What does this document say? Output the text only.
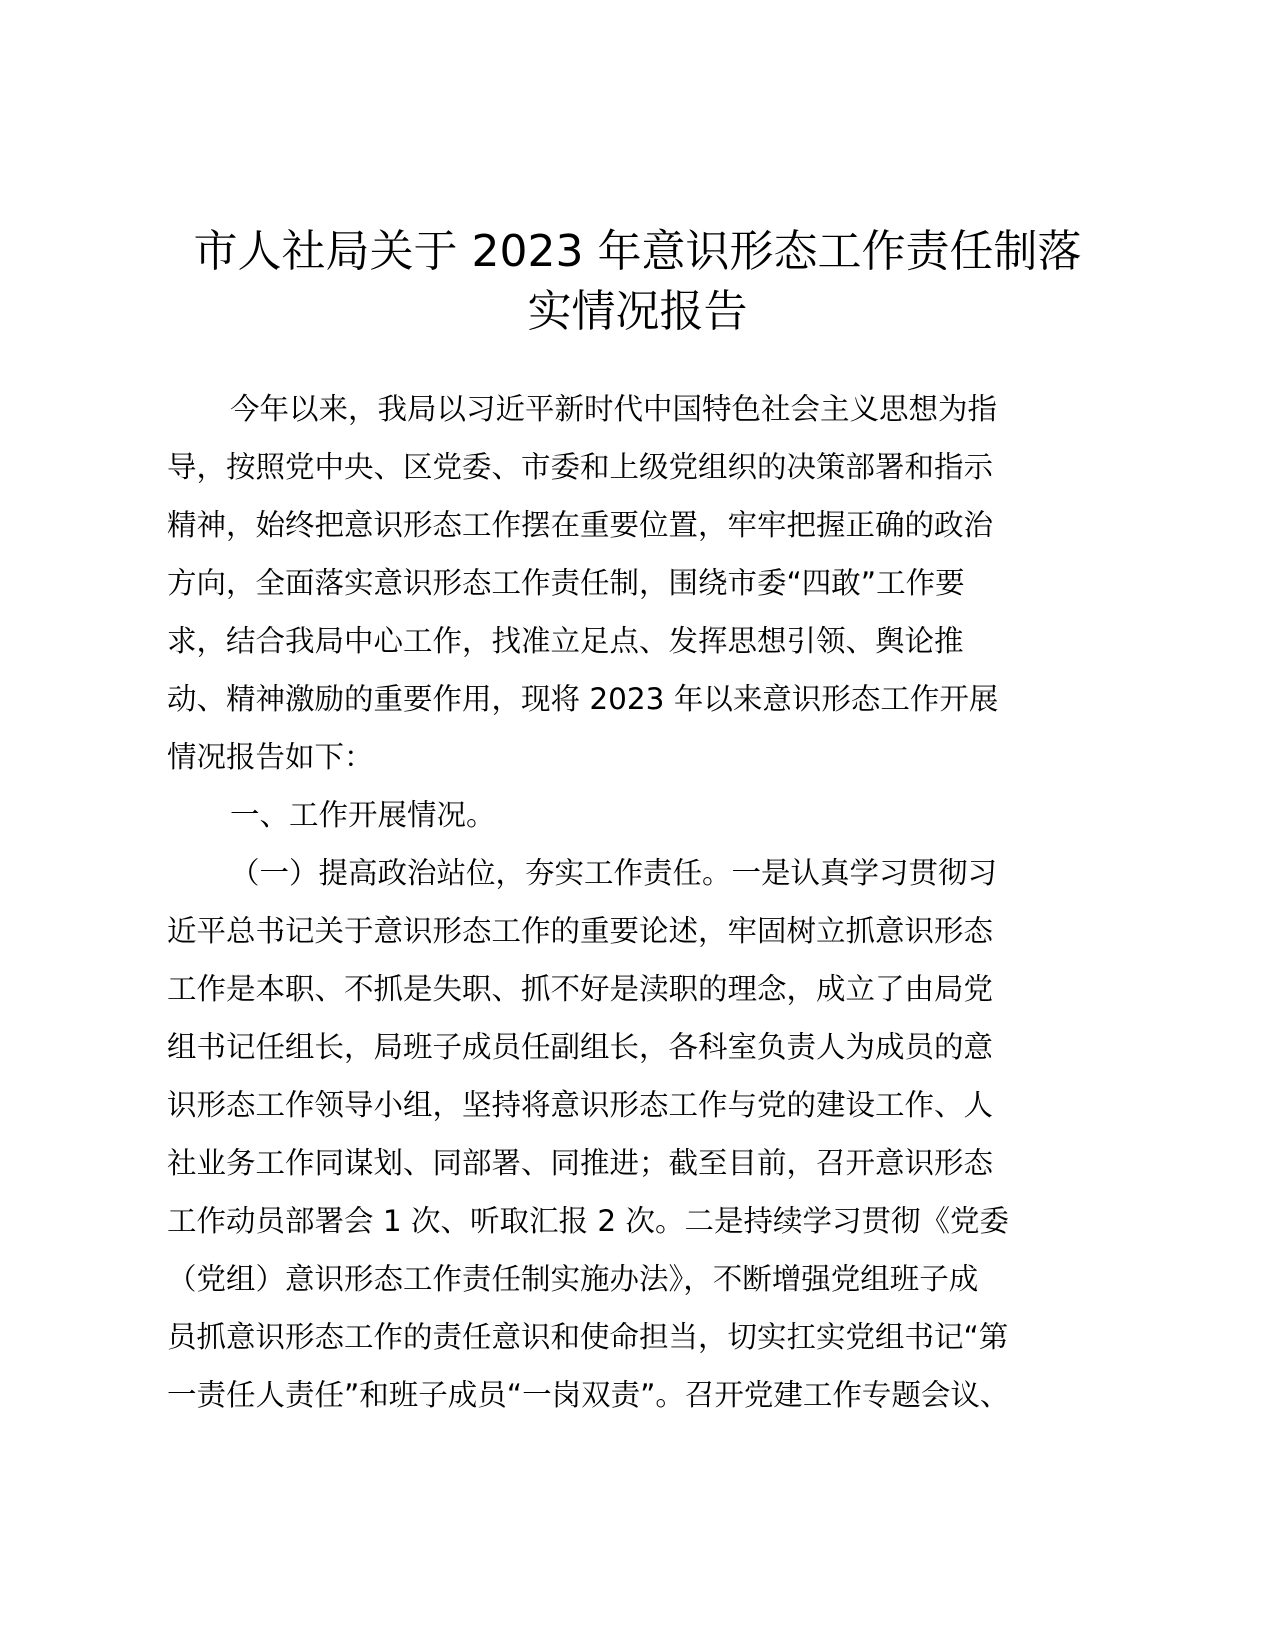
市人社局关于 2023 年意识形态工作责任制落
实情况报告
今年以来，我局以习近平新时代中国特色社会主义思想为指
导，按照党中央、区党委、市委和上级党组织的决策部署和指示
精神，始终把意识形态工作摆在重要位置，牢牢把握正确的政治
方向，全面落实意识形态工作责任制，围绕市委“四敢”工作要
求，结合我局中心工作，找准立足点、发挥思想引领、舆论推
动、精神激励的重要作用，现将 2023 年以来意识形态工作开展
情况报告如下：
一、工作开展情况。
（一）提高政治站位，夯实工作责任。一是认真学习贯彻习
近平总书记关于意识形态工作的重要论述，牢固树立抓意识形态
工作是本职、不抓是失职、抓不好是渎职的理念，成立了由局党
组书记任组长，局班子成员任副组长，各科室负责人为成员的意
识形态工作领导小组，坚持将意识形态工作与党的建设工作、人
社业务工作同谋划、同部署、同推进；截至目前，召开意识形态
工作动员部署会 1 次、听取汇报 2 次。二是持续学习贯彻《党委
（党组）意识形态工作责任制实施办法》，不断增强党组班子成
员抓意识形态工作的责任意识和使命担当，切实扛实党组书记“第
一责任人责任”和班子成员“一岗双责”。召开党建工作专题会议、
